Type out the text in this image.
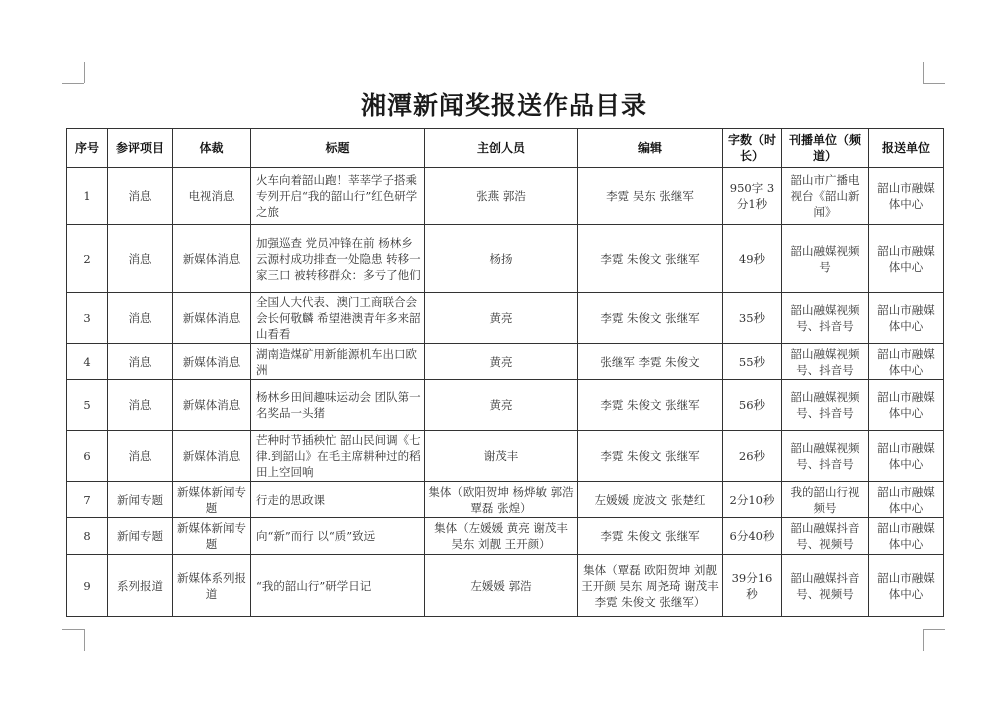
湘潭新闻奖报送作品目录
序号	参评项目	体裁	标题	主创人员	编辑	字数（时长）	刊播单位（频道）	报送单位
1	消息	电视消息	火车向着韶山跑！莘莘学子搭乘专列开启“我的韶山行”红色研学之旅	张燕 郭浩	李霓 吴东 张继军	950字 3分1秒	韶山市广播电视台《韶山新闻》	韶山市融媒体中心
2	消息	新媒体消息	加强巡查 党员冲锋在前 杨林乡云源村成功排查一处隐患 转移一家三口 被转移群众：多亏了他们	杨扬	李霓 朱俊文 张继军	49秒	韶山融媒视频号	韶山市融媒体中心
3	消息	新媒体消息	全国人大代表、澳门工商联合会会长何敬麟 希望港澳青年多来韶山看看	黄亮	李霓 朱俊文 张继军	35秒	韶山融媒视频号、抖音号	韶山市融媒体中心
4	消息	新媒体消息	湖南造煤矿用新能源机车出口欧洲	黄亮	张继军 李霓 朱俊文	55秒	韶山融媒视频号、抖音号	韶山市融媒体中心
5	消息	新媒体消息	杨林乡田间趣味运动会 团队第一名奖品一头猪	黄亮	李霓 朱俊文 张继军	56秒	韶山融媒视频号、抖音号	韶山市融媒体中心
6	消息	新媒体消息	芒种时节插秧忙 韶山民间调《七律.到韶山》在毛主席耕种过的稻田上空回响	谢茂丰	李霓 朱俊文 张继军	26秒	韶山融媒视频号、抖音号	韶山市融媒体中心
7	新闻专题	新媒体新闻专题	行走的思政课	集体（欧阳贺坤 杨烨敏 郭浩 覃磊 张煌）	左媛媛 庞波文 张楚红	2分10秒	我的韶山行视频号	韶山市融媒体中心
8	新闻专题	新媒体新闻专题	向“新”而行 以“质”致远	集体（左媛媛 黄亮 谢茂丰 吴东 刘靓 王开颜）	李霓 朱俊文 张继军	6分40秒	韶山融媒抖音号、视频号	韶山市融媒体中心
9	系列报道	新媒体系列报道	“我的韶山行”研学日记	左媛媛 郭浩	集体（覃磊 欧阳贺坤 刘靓 王开颜 吴东 周尧琦 谢茂丰 李霓 朱俊文 张继军）	39分16秒	韶山融媒抖音号、视频号	韶山市融媒体中心
